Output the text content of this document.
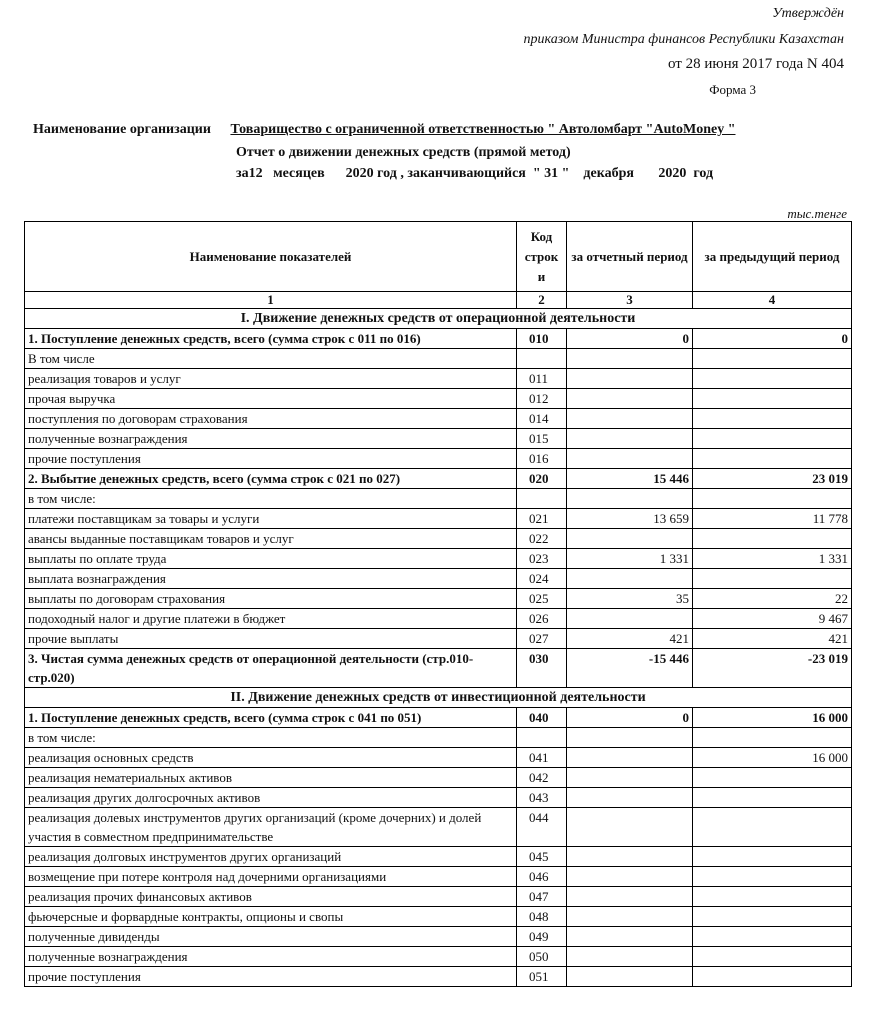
Утверждён
приказом Министра финансов Республики Казахстан
от 28 июня 2017 года N 404
Форма 3
Наименование организации Товарищество с ограниченной ответственностью " Автоломбарт "AutoMoney "
Отчет о движении денежных средств (прямой метод)
за12   месяцев      2020 год , заканчивающийся  " 31 "    декабря       2020  год
тыс.тенге
Наименование показателей	Код строк и	за отчетный период	за предыдущий период
1	2	3	4
I. Движение денежных средств от операционной деятельности			
1. Поступление денежных средств, всего (сумма строк с 011 по 016)	010	0	0
В том числе			
реализация товаров и услуг	011		
прочая выручка	012		
поступления по договорам страхования	014		
полученные вознаграждения	015		
прочие поступления	016		
2. Выбытие денежных средств, всего (сумма строк с 021 по 027)	020	15 446	23 019
в том числе:			
платежи поставщикам за товары и услуги	021	13 659	11 778
авансы выданные поставщикам товаров и услуг	022		
выплаты по оплате труда	023	1 331	1 331
выплата вознаграждения	024		
выплаты по договорам страхования	025	35	22
подоходный налог и другие платежи в бюджет	026		9 467
прочие выплаты	027	421	421
3. Чистая сумма денежных средств от операционной деятельности (стр.010-стр.020)	030	-15 446	-23 019
II. Движение денежных средств от инвестиционной деятельности			
1. Поступление денежных средств, всего (сумма строк с 041 по 051)	040	0	16 000
в том числе:			
реализация основных средств	041		16 000
реализация нематериальных активов	042		
реализация других долгосрочных активов	043		
реализация долевых инструментов других организаций (кроме дочерних) и долей участия в совместном предпринимательстве	044		
реализация долговых инструментов других организаций	045		
возмещение при потере контроля над дочерними организациями	046		
реализация прочих финансовых активов	047		
фьючерсные и форвардные контракты, опционы и свопы	048		
полученные дивиденды	049		
полученные вознаграждения	050		
прочие поступления	051		
